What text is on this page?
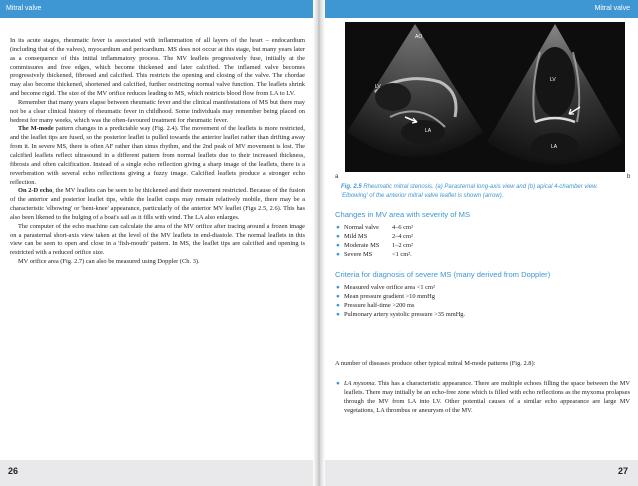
Mitral valve

In its acute stages, rheumatic fever is associated with inflammation of all layers of the heart – endocardium (including that of the valves), myocardium and pericardium. MS does not occur at this stage, but many years later as a consequence of this initial inflammatory process. The MV leaflets progressively fuse, initially at the commissures and free edges, which become thickened and later calcified. The inflamed valve becomes progressively thickened, fibrosed and calcified. This restricts the opening and closing of the valve. The chordae may also become thickened, shortened and calcified, further restricting normal valve function. The leaflets shrink and become rigid. The size of the MV orifice reduces leading to MS, which restricts blood flow from LA to LV.

Remember that many years elapse between rheumatic fever and the clinical manifestations of MS but there may not be a clear clinical history of rheumatic fever in childhood. Some individuals may remember being placed on bedrest for many weeks, which was the often-favoured treatment for rheumatic fever.

The M-mode pattern changes in a predictable way (Fig. 2.4). The movement of the leaflets is more restricted, and the leaflet tips are fused, so the posterior leaflet is pulled towards the anterior leaflet rather than drifting away from it. In severe MS, there is often AF rather than sinus rhythm, and the 2nd peak of MV movement is lost. The calcified leaflets reflect ultrasound in a different pattern from normal leaflets due to their increased thickness, fibrosis and often calcification. Instead of a single echo reflection giving a sharp image of the leaflets, there is a reverberation with several echo reflections giving a fuzzy image. Calcified leaflets produce a stronger echo reflection.

On 2-D echo, the MV leaflets can be seen to be thickened and their movement restricted. Because of the fusion of the anterior and posterior leaflet tips, while the leaflet cusps may remain relatively mobile, there may be a characteristic 'elbowing' or 'bent-knee' appearance, particularly of the anterior MV leaflet (Figs 2.5, 2.6). This has also been likened to the bulging of a boat's sail as it fills with wind. The LA also enlarges.

The computer of the echo machine can calculate the area of the MV orifice after tracing around a frozen image on a parasternal short-axis view taken at the level of the MV leaflets in end-diastole. The normal leaflets in this view can be seen to open and close in a 'fish-mouth' pattern. In MS, the leaflet tips are calcified and opening is restricted with a reduced orifice size.

MV orifice area (Fig. 2.7) can also be measured using Doppler (Ch. 3).

26
Mitral valve
LV
LA
AO
LV
LA
a	b
Fig. 2.5 Rheumatic mitral stenosis. (a) Parasternal long-axis view and (b) apical 4-chamber view. 'Elbowing' of the anterior mitral valve leaflet is shown (arrow).
Changes in MV area with severity of MS
● Normal valve	4–6 cm²
● Mild MS	2–4 cm²
● Moderate MS	1–2 cm²
● Severe MS	<1 cm².
Criteria for diagnosis of severe MS (many derived from Doppler)
● Measured valve orifice area <1 cm²
● Mean pressure gradient >10 mmHg
● Pressure half-time >200 ms
● Pulmonary artery systolic pressure >35 mmHg.
A number of diseases produce other typical mitral M-mode patterns (Fig. 2.8):
● LA myxoma. This has a characteristic appearance. There are multiple echoes filling the space between the MV leaflets. There may initially be an echo-free zone which is filled with echo reflections as the myxoma prolapses through the MV from LA into LV. Other potential causes of a similar echo appearance are large MV vegetations, LA thrombus or aneurysm of the MV.
27
